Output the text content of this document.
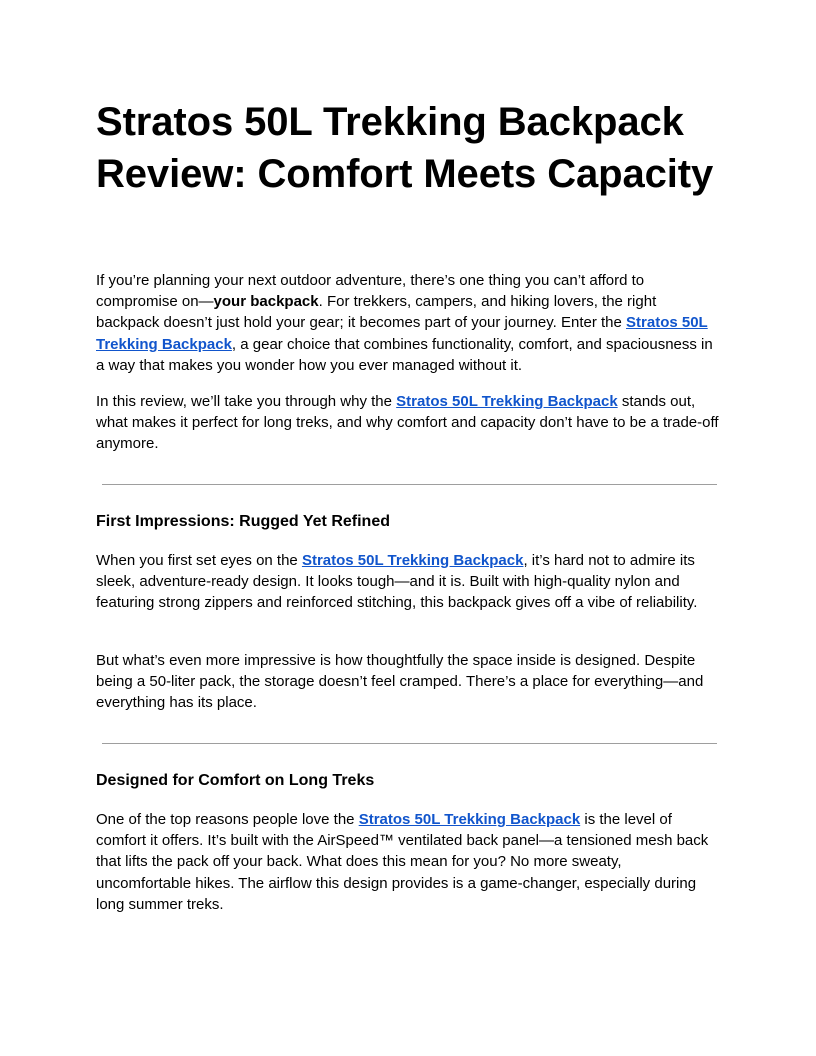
Stratos 50L Trekking Backpack Review: Comfort Meets Capacity

If you’re planning your next outdoor adventure, there’s one thing you can’t afford to compromise on—your backpack. For trekkers, campers, and hiking lovers, the right backpack doesn’t just hold your gear; it becomes part of your journey. Enter the Stratos 50L Trekking Backpack, a gear choice that combines functionality, comfort, and spaciousness in a way that makes you wonder how you ever managed without it.

In this review, we’ll take you through why the Stratos 50L Trekking Backpack stands out, what makes it perfect for long treks, and why comfort and capacity don’t have to be a trade-off anymore.

First Impressions: Rugged Yet Refined

When you first set eyes on the Stratos 50L Trekking Backpack, it’s hard not to admire its sleek, adventure-ready design. It looks tough—and it is. Built with high-quality nylon and featuring strong zippers and reinforced stitching, this backpack gives off a vibe of reliability.

But what’s even more impressive is how thoughtfully the space inside is designed. Despite being a 50-liter pack, the storage doesn’t feel cramped. There’s a place for everything—and everything has its place.

Designed for Comfort on Long Treks

One of the top reasons people love the Stratos 50L Trekking Backpack is the level of comfort it offers. It’s built with the AirSpeed™ ventilated back panel—a tensioned mesh back that lifts the pack off your back. What does this mean for you? No more sweaty, uncomfortable hikes. The airflow this design provides is a game-changer, especially during long summer treks.
